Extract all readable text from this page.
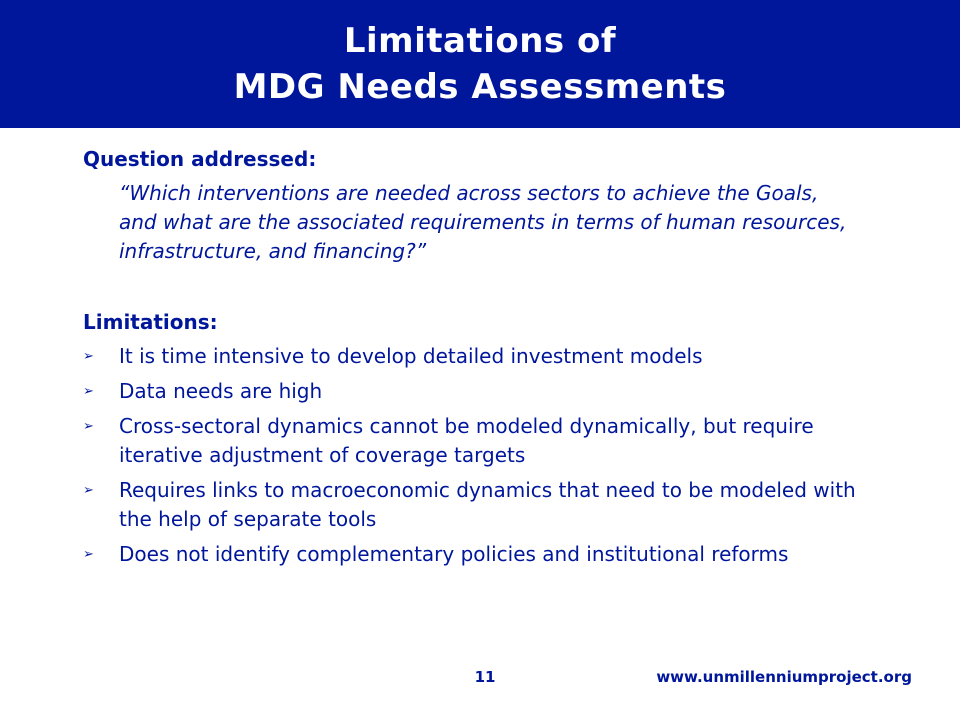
Limitations of
MDG Needs Assessments
Question addressed:
“Which interventions are needed across sectors to achieve the Goals, and what are the associated requirements in terms of human resources, infrastructure, and financing?”
Limitations:
➢	It is time intensive to develop detailed investment models
➢	Data needs are high
➢	Cross-sectoral dynamics cannot be modeled dynamically, but require iterative adjustment of coverage targets
➢	Requires links to macroeconomic dynamics that need to be modeled with the help of separate tools
➢	Does not identify complementary policies and institutional reforms
11	www.unmillenniumproject.org
